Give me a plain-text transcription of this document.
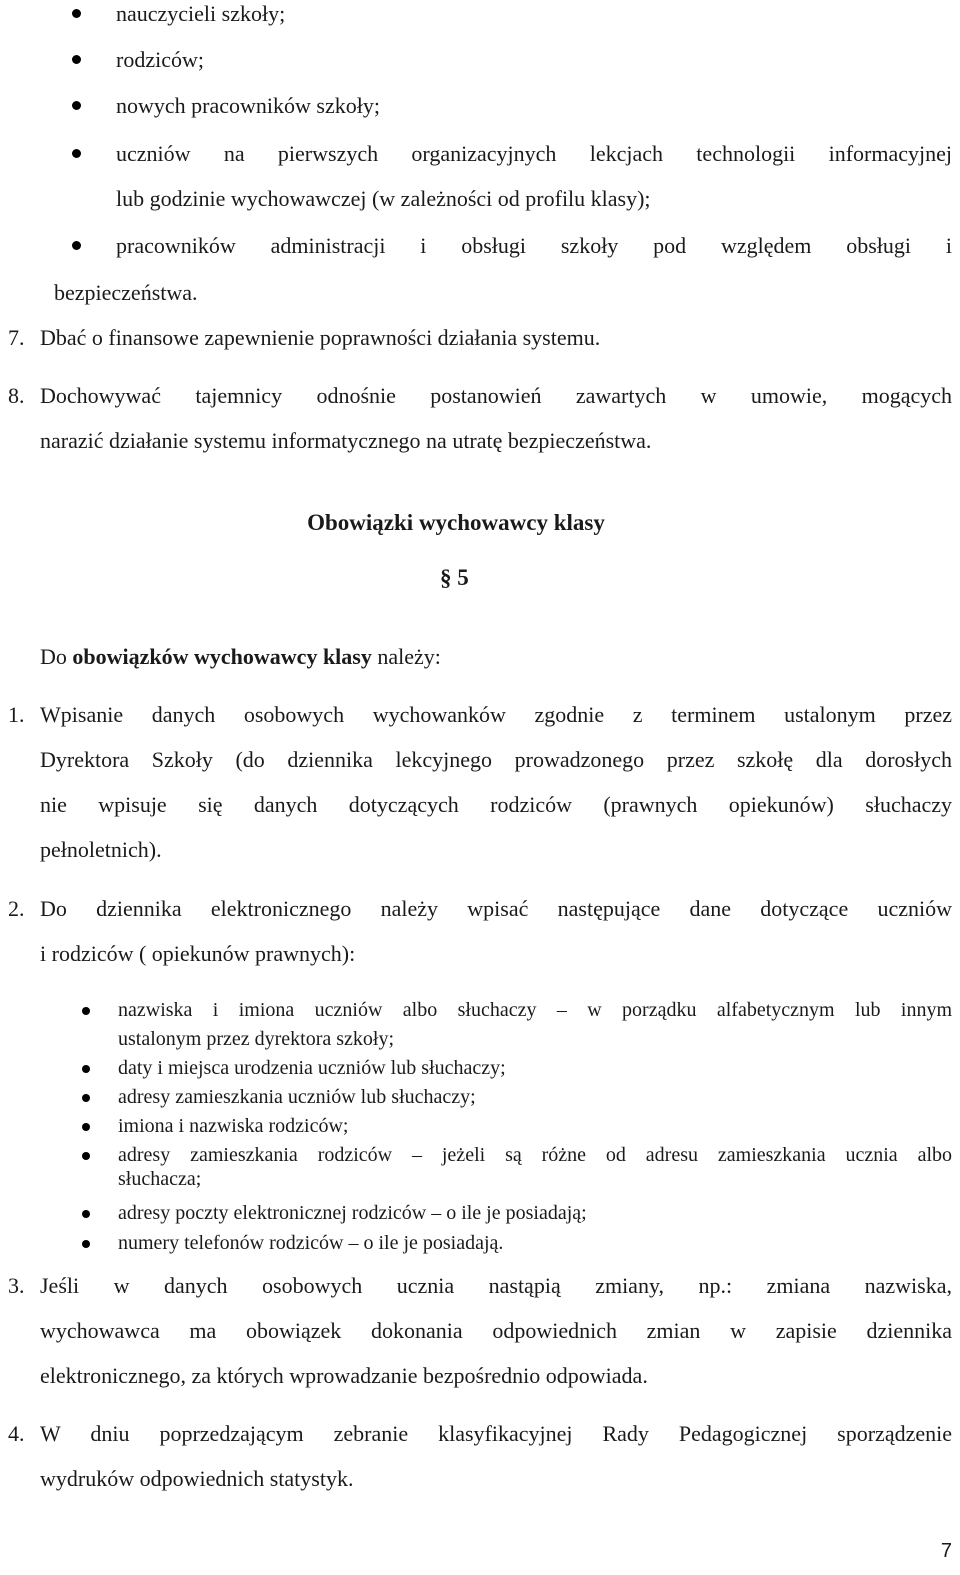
nauczycieli szkoły;
rodziców;
nowych pracowników szkoły;
uczniów na pierwszych organizacyjnych lekcjach technologii informacyjnej
lub godzinie wychowawczej (w zależności od profilu klasy);
pracowników administracji i obsługi szkoły pod względem obsługi i
bezpieczeństwa.
7. Dbać o finansowe zapewnienie poprawności działania systemu.
8. Dochowywać tajemnicy odnośnie postanowień zawartych w umowie, mogących
narazić działanie systemu informatycznego na utratę bezpieczeństwa.
Obowiązki wychowawcy klasy
§ 5
Do obowiązków wychowawcy klasy należy:
1. Wpisanie danych osobowych wychowanków zgodnie z terminem ustalonym przez
Dyrektora Szkoły (do dziennika lekcyjnego prowadzonego przez szkołę dla dorosłych
nie wpisuje się danych dotyczących rodziców (prawnych opiekunów) słuchaczy
pełnoletnich).
2. Do dziennika elektronicznego należy wpisać następujące dane dotyczące uczniów
i rodziców ( opiekunów prawnych):
nazwiska i imiona uczniów albo słuchaczy – w porządku alfabetycznym lub innym
ustalonym przez dyrektora szkoły;
daty i miejsca urodzenia uczniów lub słuchaczy;
adresy zamieszkania uczniów lub słuchaczy;
imiona i nazwiska rodziców;
adresy zamieszkania rodziców – jeżeli są różne od adresu zamieszkania ucznia albo
słuchacza;
adresy poczty elektronicznej rodziców – o ile je posiadają;
numery telefonów rodziców – o ile je posiadają.
3. Jeśli w danych osobowych ucznia nastąpią zmiany, np.: zmiana nazwiska,
wychowawca ma obowiązek dokonania odpowiednich zmian w zapisie dziennika
elektronicznego, za których wprowadzanie bezpośrednio odpowiada.
4. W dniu poprzedzającym zebranie klasyfikacyjnej Rady Pedagogicznej sporządzenie
wydruków odpowiednich statystyk.
7
